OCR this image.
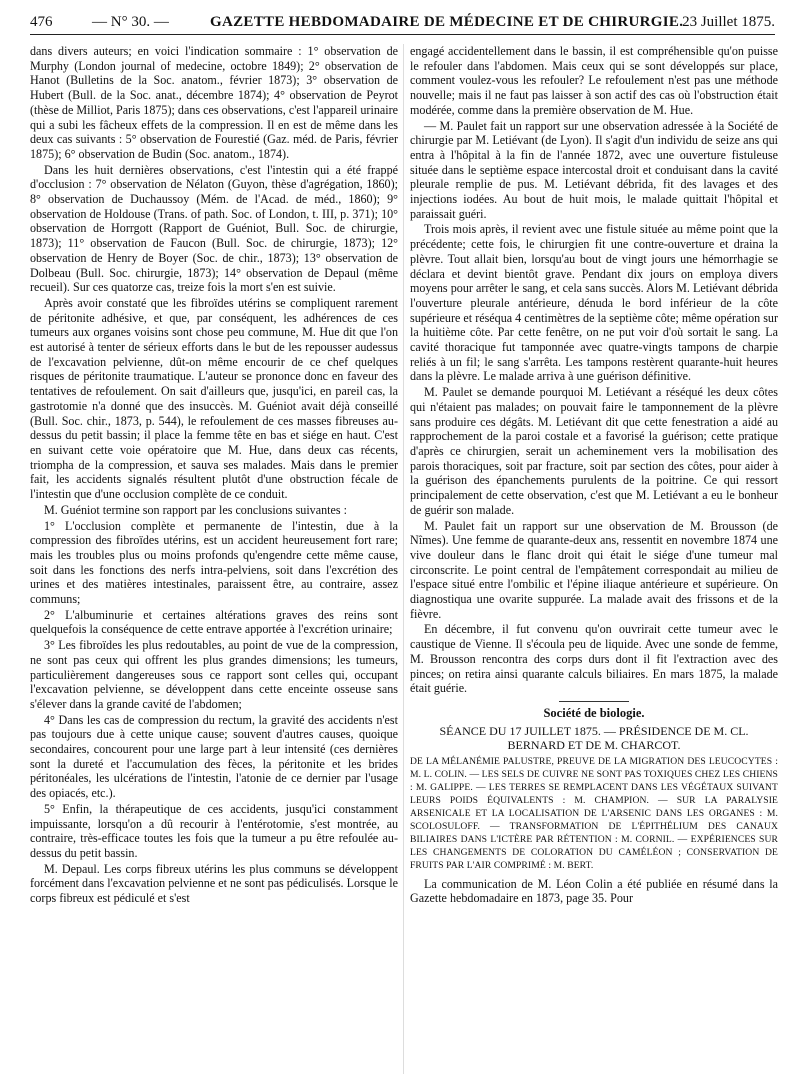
476	— N° 30. —	GAZETTE HEBDOMADAIRE DE MÉDECINE ET DE CHIRURGIE.
23 Juillet 1875.

dans divers auteurs; en voici l'indication sommaire : 1° observation de Murphy (London journal of medecine, octobre 1849); 2° observation de Hanot (Bulletins de la Soc. anatom., février 1873); 3° observation de Hubert (Bull. de la Soc. anat., décembre 1874); 4° observation de Peyrot (thèse de Milliot, Paris 1875); dans ces observations, c'est l'appareil urinaire qui a subi les fâcheux effets de la compression. Il en est de même dans les deux cas suivants : 5° observation de Fourestié (Gaz. méd. de Paris, février 1875); 6° observation de Budin (Soc. anatom., 1874).

Dans les huit dernières observations, c'est l'intestin qui a été frappé d'occlusion : 7° observation de Nélaton (Guyon, thèse d'agrégation, 1860); 8° observation de Duchaussoy (Mém. de l'Acad. de méd., 1860); 9° observation de Holdouse (Trans. of path. Soc. of London, t. III, p. 371); 10° observation de Horrgott (Rapport de Guéniot, Bull. Soc. de chirurgie, 1873); 11° observation de Faucon (Bull. Soc. de chirurgie, 1873); 12° observation de Henry de Boyer (Soc. de chir., 1873); 13° observation de Dolbeau (Bull. Soc. chirurgie, 1873); 14° observation de Depaul (même recueil). Sur ces quatorze cas, treize fois la mort s'en est suivie.

Après avoir constaté que les fibroïdes utérins se compliquent rarement de péritonite adhésive, et que, par conséquent, les adhérences de ces tumeurs aux organes voisins sont chose peu commune, M. Hue dit que l'on est autorisé à tenter de sérieux efforts dans le but de les repousser audessus de l'excavation pelvienne, dût-on même encourir de ce chef quelques risques de péritonite traumatique. L'auteur se prononce donc en faveur des tentatives de refoulement. On sait d'ailleurs que, jusqu'ici, en pareil cas, la gastrotomie n'a donné que des insuccès. M. Guéniot avait déjà conseillé (Bull. Soc. chir., 1873, p. 544), le refoulement de ces masses fibreuses au-dessus du petit bassin; il place la femme tête en bas et siége en haut. C'est en suivant cette voie opératoire que M. Hue, dans deux cas récents, triompha de la compression, et sauva ses malades. Mais dans le premier fait, les accidents signalés résultent plutôt d'une obstruction fécale de l'intestin que d'une occlusion complète de ce conduit.

M. Guéniot termine son rapport par les conclusions suivantes :

1° L'occlusion complète et permanente de l'intestin, due à la compression des fibroïdes utérins, est un accident heureusement fort rare; mais les troubles plus ou moins profonds qu'engendre cette même cause, soit dans les fonctions des nerfs intra-pelviens, soit dans l'excrétion des urines et des matières intestinales, paraissent être, au contraire, assez communs;

2° L'albuminurie et certaines altérations graves des reins sont quelquefois la conséquence de cette entrave apportée à l'excrétion urinaire;

3° Les fibroïdes les plus redoutables, au point de vue de la compression, ne sont pas ceux qui offrent les plus grandes dimensions; les tumeurs, particulièrement dangereuses sous ce rapport sont celles qui, occupant l'excavation pelvienne, se développent dans cette enceinte osseuse sans s'élever dans la grande cavité de l'abdomen;

4° Dans les cas de compression du rectum, la gravité des accidents n'est pas toujours due à cette unique cause; souvent d'autres causes, quoique secondaires, concourent pour une large part à leur intensité (ces dernières sont la dureté et l'accumulation des fèces, la péritonite et les brides péritonéales, les ulcérations de l'intestin, l'atonie de ce dernier par l'usage des opiacés, etc.).

5° Enfin, la thérapeutique de ces accidents, jusqu'ici constamment impuissante, lorsqu'on a dû recourir à l'entérotomie, s'est montrée, au contraire, très-efficace toutes les fois que la tumeur a pu être refoulée au-dessus du petit bassin.

M. Depaul. Les corps fibreux utérins les plus communs se développent forcément dans l'excavation pelvienne et ne sont pas pédiculisés. Lorsque le corps fibreux est pédiculé et s'est

engagé accidentellement dans le bassin, il est compréhensible qu'on puisse le refouler dans l'abdomen. Mais ceux qui se sont développés sur place, comment voulez-vous les refouler? Le refoulement n'est pas une méthode nouvelle; mais il ne faut pas laisser à son actif des cas où l'obstruction était modérée, comme dans la première observation de M. Hue.

— M. Paulet fait un rapport sur une observation adressée à la Société de chirurgie par M. Letiévant (de Lyon). Il s'agit d'un individu de seize ans qui entra à l'hôpital à la fin de l'année 1872, avec une ouverture fistuleuse située dans le septième espace intercostal droit et conduisant dans la cavité pleurale remplie de pus. M. Letiévant débrida, fit des lavages et des injections iodées. Au bout de huit mois, le malade quittait l'hôpital et paraissait guéri.

Trois mois après, il revient avec une fistule située au même point que la précédente; cette fois, le chirurgien fit une contre-ouverture et draina la plèvre. Tout allait bien, lorsqu'au bout de vingt jours une hémorrhagie se déclara et devint bientôt grave. Pendant dix jours on employa divers moyens pour arrêter le sang, et cela sans succès. Alors M. Letiévant débrida l'ouverture pleurale antérieure, dénuda le bord inférieur de la côte supérieure et réséqua 4 centimètres de la septième côte; même opération sur la huitième côte. Par cette fenêtre, on ne put voir d'où sortait le sang. La cavité thoracique fut tamponnée avec quatre-vingts tampons de charpie reliés à un fil; le sang s'arrêta. Les tampons restèrent quarante-huit heures dans la plèvre. Le malade arriva à une guérison définitive.

M. Paulet se demande pourquoi M. Letiévant a réséqué les deux côtes qui n'étaient pas malades; on pouvait faire le tamponnement de la plèvre sans produire ces dégâts. M. Letiévant dit que cette fenestration a aidé au rapprochement de la paroi costale et a favorisé la guérison; cette pratique d'après ce chirurgien, serait un acheminement vers la mobilisation des parois thoraciques, soit par fracture, soit par section des côtes, pour aider à la guérison des épanchements purulents de la poitrine. Ce qui ressort principalement de cette observation, c'est que M. Letiévant a eu le bonheur de guérir son malade.

M. Paulet fait un rapport sur une observation de M. Brousson (de Nîmes). Une femme de quarante-deux ans, ressentit en novembre 1874 une vive douleur dans le flanc droit qui était le siége d'une tumeur mal circonscrite. Le point central de l'empâtement correspondait au milieu de l'espace situé entre l'ombilic et l'épine iliaque antérieure et supérieure. On diagnostiqua une ovarite suppurée. La malade avait des frissons et de la fièvre.

En décembre, il fut convenu qu'on ouvrirait cette tumeur avec le caustique de Vienne. Il s'écoula peu de liquide. Avec une sonde de femme, M. Brousson rencontra des corps durs dont il fit l'extraction avec des pinces; on retira ainsi quarante calculs biliaires. En mars 1875, la malade était guérie.

Société de biologie.
SÉANCE DU 17 JUILLET 1875. — PRÉSIDENCE DE M. CL. BERNARD ET DE M. CHARCOT.

DE LA MÉLANÉMIE PALUSTRE, PREUVE DE LA MIGRATION DES LEUCOCYTES : M. L. COLIN. — LES SELS DE CUIVRE NE SONT PAS TOXIQUES CHEZ LES CHIENS : M. GALIPPE. — LES TERRES SE REMPLACENT DANS LES VÉGÉTAUX SUIVANT LEURS POIDS ÉQUIVALENTS : M. CHAMPION. — SUR LA PARALYSIE ARSENICALE ET LA LOCALISATION DE L'ARSENIC DANS LES ORGANES : M. SCOLOSULOFF. — TRANSFORMATION DE L'ÉPITHÉLIUM DES CANAUX BILIAIRES DANS L'ICTÈRE PAR RÉTENTION : M. CORNIL. — EXPÉRIENCES SUR LES CHANGEMENTS DE COLORATION DU CAMÉLÉON ; CONSERVATION DE FRUITS PAR L'AIR COMPRIMÉ : M. BERT.

La communication de M. Léon Colin a été publiée en résumé dans la Gazette hebdomadaire en 1873, page 35. Pour
